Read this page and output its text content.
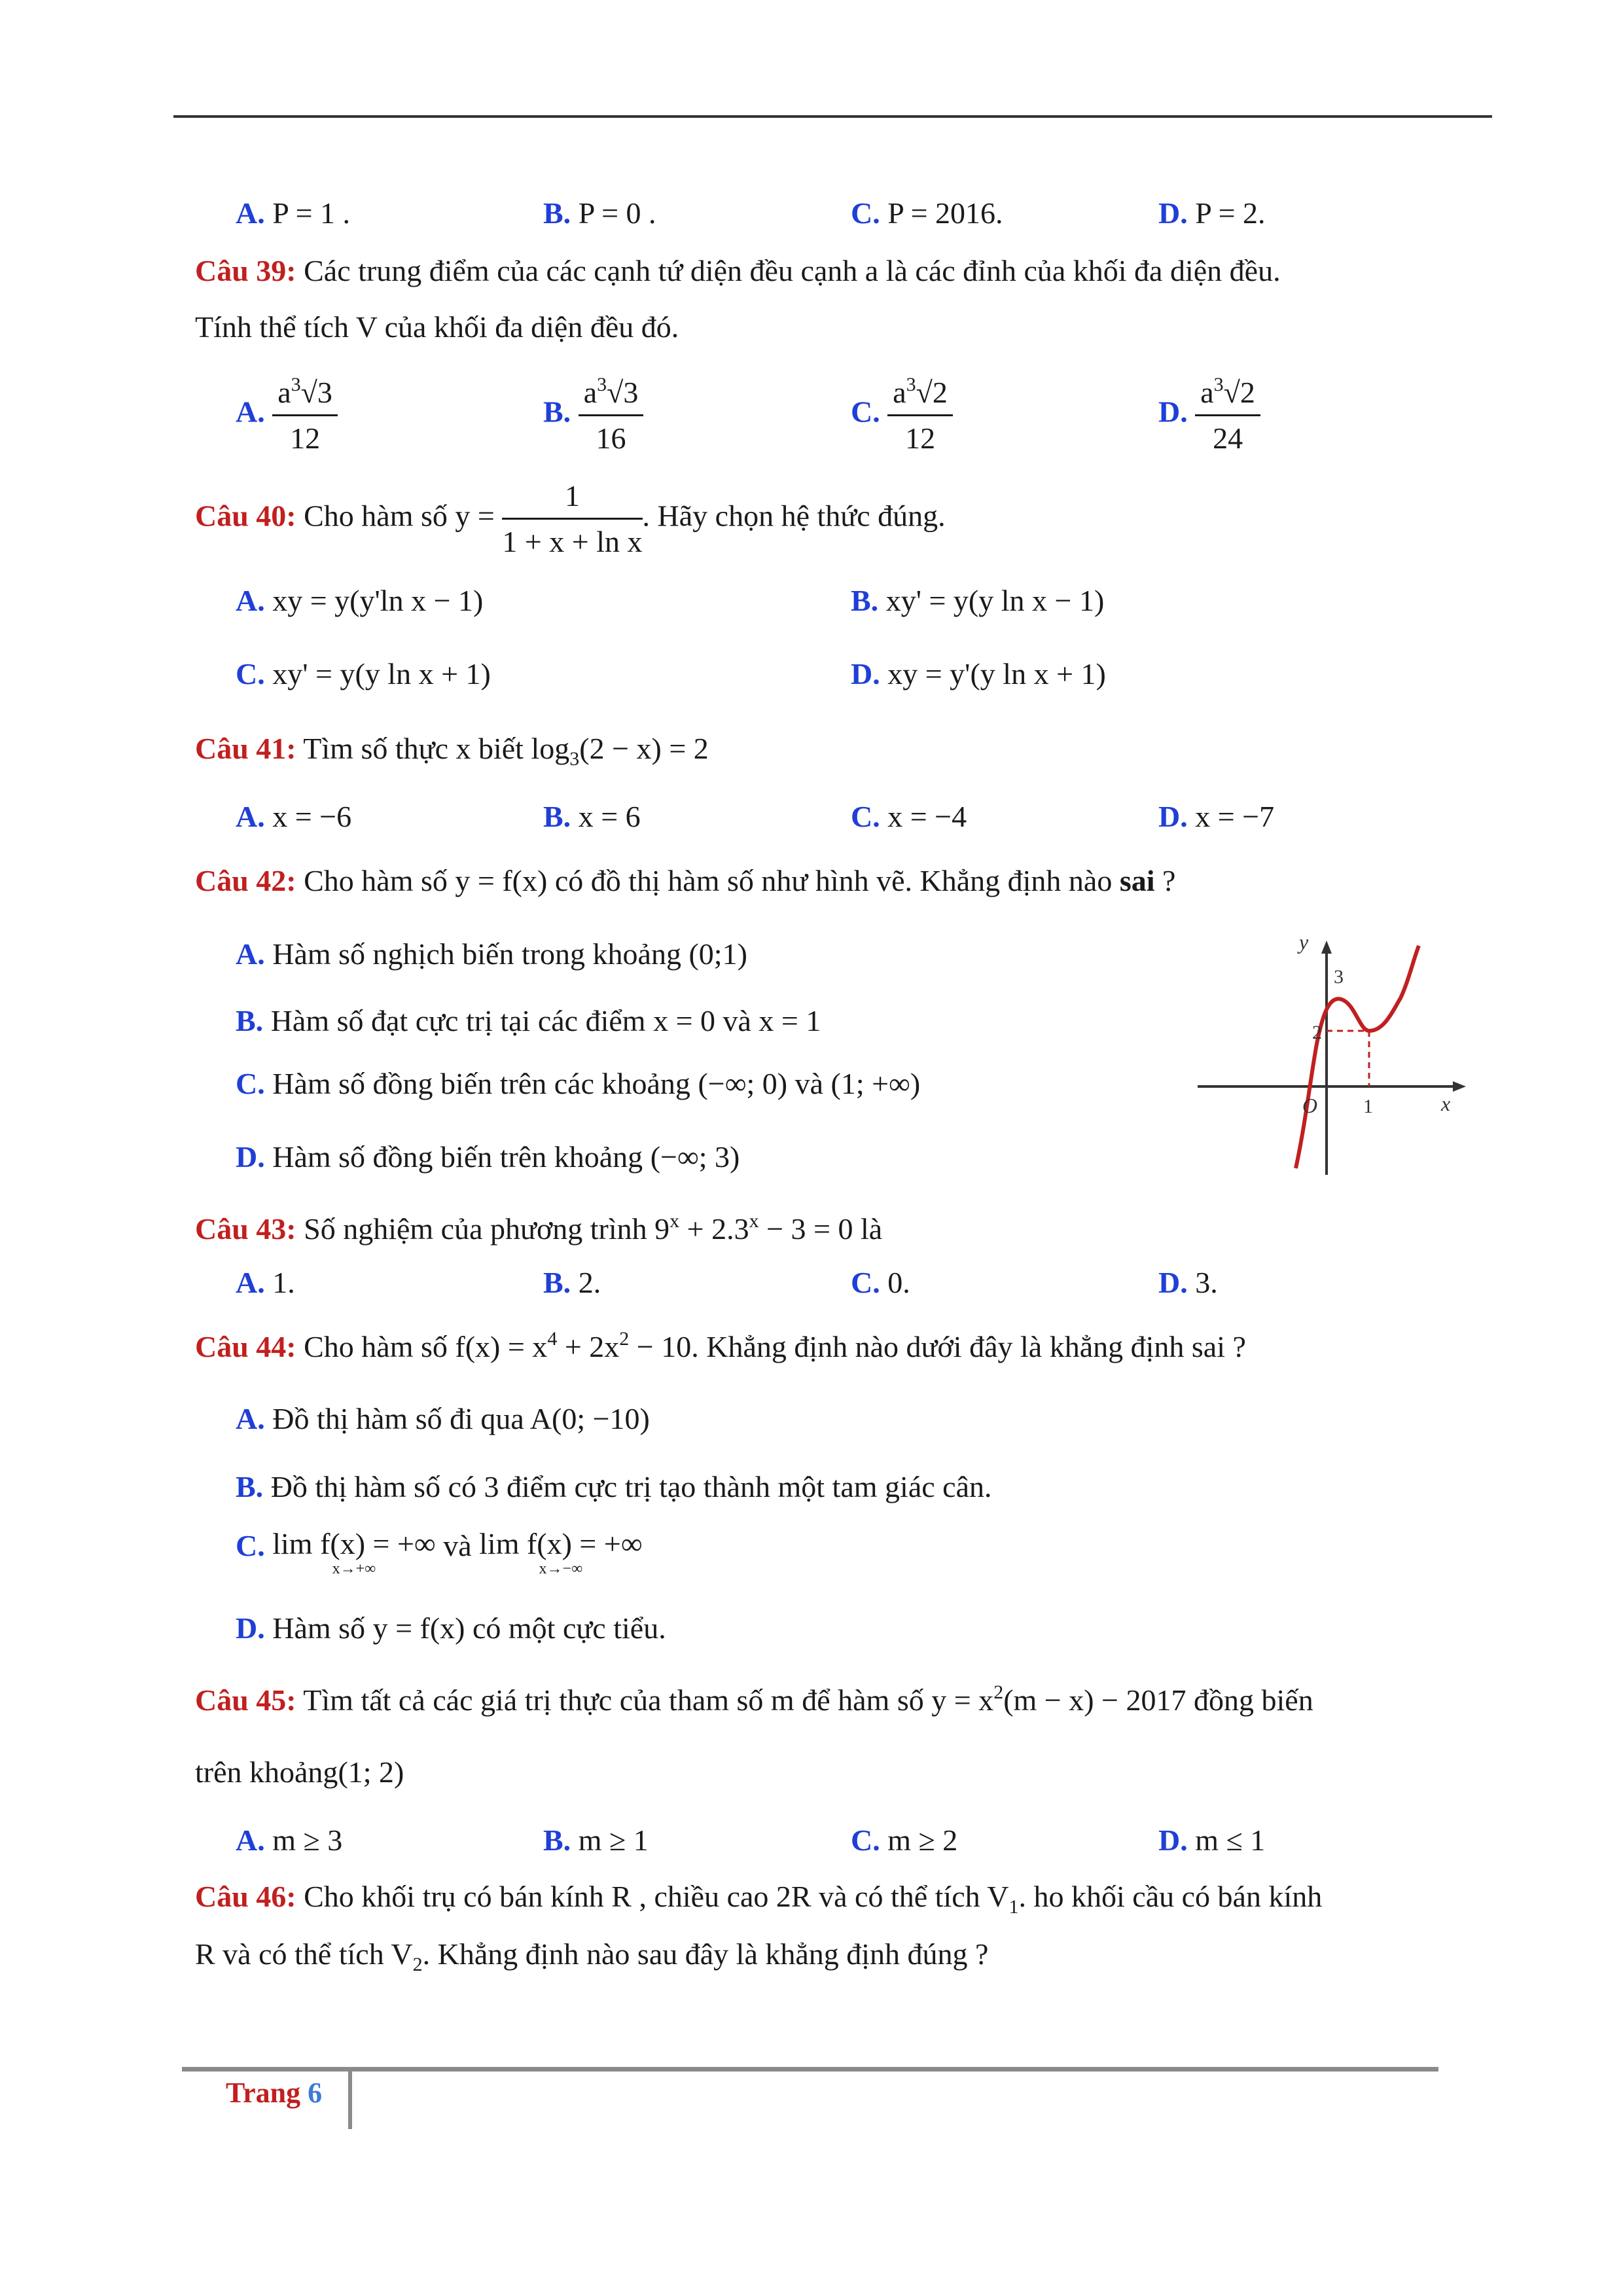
A. P = 1 .	B. P = 0 .	C. P = 2016.	D. P = 2.
Câu 39: Các trung điểm của các cạnh tứ diện đều cạnh a là các đỉnh của khối đa diện đều.
Tính thể tích V của khối đa diện đều đó.
A. $\frac{a^3√3}{12}$	B. $\frac{a^3√3}{16}$	C. $\frac{a^3√2}{12}$	D. $\frac{a^3√2}{24}$
Câu 40: Cho hàm số $y = \frac{1}{\text{1 + x + ln x}}$ . Hãy chọn hệ thức đúng.
A. xy = y(y'ln x − 1)	B. xy' = y(y ln x − 1)
C. xy' = y(y ln x + 1)	D. xy = y'(y ln x + 1)
Câu 41: Tìm số thực x biết $\log_3(2 - x) = 2$
A. x = −6	B. x = 6	C. x = −4	D. x = −7
Câu 42: Cho hàm số y = f(x) có đồ thị hàm số như hình vẽ. Khẳng định nào sai ?
A. Hàm số nghịch biến trong khoảng (0;1)
B. Hàm số đạt cực trị tại các điểm x = 0 và x = 1
C. Hàm số đồng biến trên các khoảng (−∞; 0) và (1; +∞)
D. Hàm số đồng biến trên khoảng (−∞; 3)
y
x
O
3
2
1
Câu 43: Số nghiệm của phương trình $9^x + 2.3^x - 3 = 0$ là
A. 1.	B. 2.	C. 0.	D. 3.
Câu 44: Cho hàm số $f(x) = x^4 + 2x^2 - 10$. Khẳng định nào dưới đây là khẳng định sai ?
A. Đồ thị hàm số đi qua A(0; −10)
B. Đồ thị hàm số có 3 điểm cực trị tạo thành một tam giác cân.
C. lim f(x) = +∞
x→+∞
và lim f(x) = +∞
x→−∞
D. Hàm số y = f(x) có một cực tiểu.
Câu 45: Tìm tất cả các giá trị thực của tham số m để hàm số $y = x^2(m - x) - 2017$ đồng biến
trên khoảng(1; 2)
A. m ≥ 3	B. m ≥ 1	C. m ≥ 2	D. m ≤ 1
Câu 46: Cho khối trụ có bán kính R , chiều cao 2R và có thể tích $V_1$. ho khối cầu có bán kính
R và có thể tích $V_2$. Khẳng định nào sau đây là khẳng định đúng ?
Trang 6
